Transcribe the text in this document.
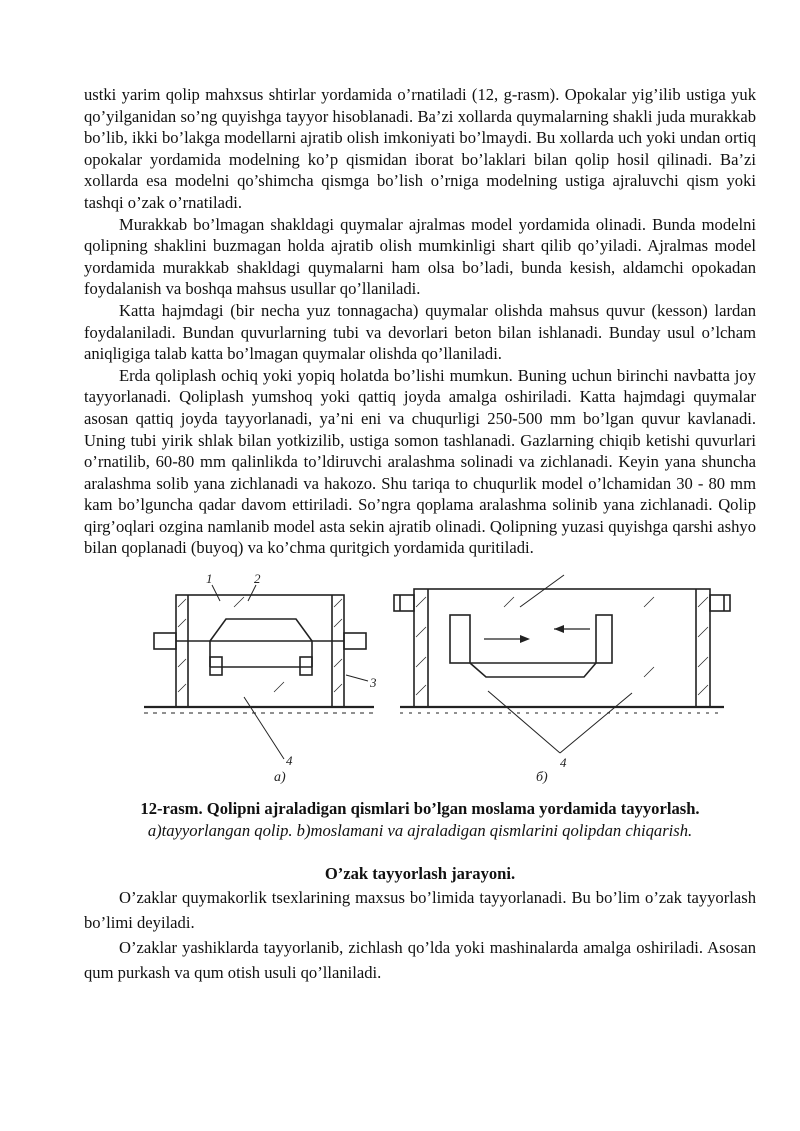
ustki yarim qolip mahxsus shtirlar yordamida o’rnatiladi (12, g-rasm). Opokalar yig’ilib ustiga yuk qo’yilganidan so’ng quyishga tayyor hisoblanadi. Ba’zi xollarda quymalarning shakli juda murakkab bo’lib, ikki bo’lakga modellarni ajratib olish imkoniyati bo’lmaydi. Bu xollarda uch yoki undan ortiq opokalar yordamida modelning ko’p qismidan iborat bo’laklari bilan qolip hosil qilinadi. Ba’zi xollarda esa modelni qo’shimcha qismga bo’lish o’rniga modelning ustiga ajraluvchi qism yoki tashqi o’zak o’rnatiladi.

Murakkab bo’lmagan shakldagi quymalar ajralmas model yordamida olinadi. Bunda modelni qolipning shaklini buzmagan holda ajratib olish mumkinligi shart qilib qo’yiladi. Ajralmas model yordamida murakkab shakldagi quymalarni ham olsa bo’ladi, bunda kesish, aldamchi opokadan foydalanish va boshqa mahsus usullar qo’llaniladi.

Katta hajmdagi (bir necha yuz tonnagacha) quymalar olishda mahsus quvur (kesson) lardan foydalaniladi. Bundan quvurlarning tubi va devorlari beton bilan ishlanadi. Bunday usul o’lcham aniqligiga talab katta bo’lmagan quymalar olishda qo’llaniladi.

Erda qoliplash ochiq yoki yopiq holatda bo’lishi mumkun. Buning uchun birinchi navbatta joy tayyorlanadi. Qoliplash yumshoq yoki qattiq joyda amalga oshiriladi. Katta hajmdagi quymalar asosan qattiq joyda tayyorlanadi, ya’ni eni va chuqurligi 250-500 mm bo’lgan quvur kavlanadi. Uning tubi yirik shlak bilan yotkizilib, ustiga somon tashlanadi. Gazlarning chiqib ketishi quvurlari o’rnatilib, 60-80 mm qalinlikda to’ldiruvchi aralashma solinadi va zichlanadi. Keyin yana shuncha aralashma solib yana zichlanadi va hakozo. Shu tariqa to chuqurlik model o’lchamidan 30 - 80 mm kam bo’lguncha qadar davom ettiriladi. So’ngra qoplama aralashma solinib yana zichlanadi. Qolip qirg’oqlari ozgina namlanib model asta sekin ajratib olinadi. Qolipning yuzasi quyishga qarshi ashyo bilan qoplanadi (buyoq) va ko’chma quritgich yordamida quritiladi.

1	2
3
4
a)
4
б)

12-rasm. Qolipni ajraladigan qismlari bo’lgan moslama yordamida tayyorlash.

a)tayyorlangan qolip. b)moslamani va ajraladigan qismlarini qolipdan chiqarish.

O’zak tayyorlash jarayoni.

O’zaklar quymakorlik tsexlarining maxsus bo’limida tayyorlanadi. Bu bo’lim o’zak tayyorlash bo’limi deyiladi.

O’zaklar yashiklarda tayyorlanib, zichlash qo’lda yoki mashinalarda amalga oshiriladi. Asosan qum purkash va qum otish usuli qo’llaniladi.
